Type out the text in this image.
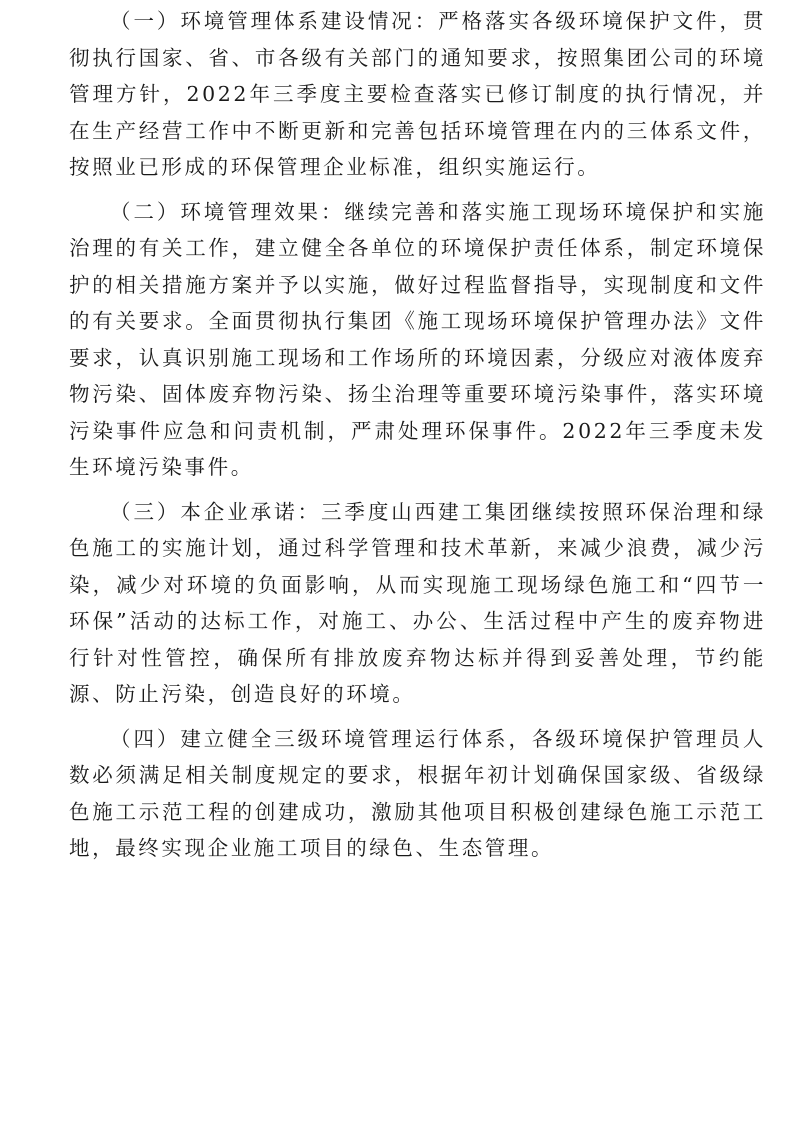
（一）环境管理体系建设情况：严格落实各级环境保护文件，贯彻执行国家、省、市各级有关部门的通知要求，按照集团公司的环境管理方针，2022年三季度主要检查落实已修订制度的执行情况，并在生产经营工作中不断更新和完善包括环境管理在内的三体系文件，按照业已形成的环保管理企业标准，组织实施运行。

（二）环境管理效果：继续完善和落实施工现场环境保护和实施治理的有关工作，建立健全各单位的环境保护责任体系，制定环境保护的相关措施方案并予以实施，做好过程监督指导，实现制度和文件的有关要求。全面贯彻执行集团《施工现场环境保护管理办法》文件要求，认真识别施工现场和工作场所的环境因素，分级应对液体废弃物污染、固体废弃物污染、扬尘治理等重要环境污染事件，落实环境污染事件应急和问责机制，严肃处理环保事件。2022年三季度未发生环境污染事件。

（三）本企业承诺：三季度山西建工集团继续按照环保治理和绿色施工的实施计划，通过科学管理和技术革新，来减少浪费，减少污染，减少对环境的负面影响，从而实现施工现场绿色施工和“四节一环保”活动的达标工作，对施工、办公、生活过程中产生的废弃物进行针对性管控，确保所有排放废弃物达标并得到妥善处理，节约能源、防止污染，创造良好的环境。

（四）建立健全三级环境管理运行体系，各级环境保护管理员人数必须满足相关制度规定的要求，根据年初计划确保国家级、省级绿色施工示范工程的创建成功，激励其他项目积极创建绿色施工示范工地，最终实现企业施工项目的绿色、生态管理。
